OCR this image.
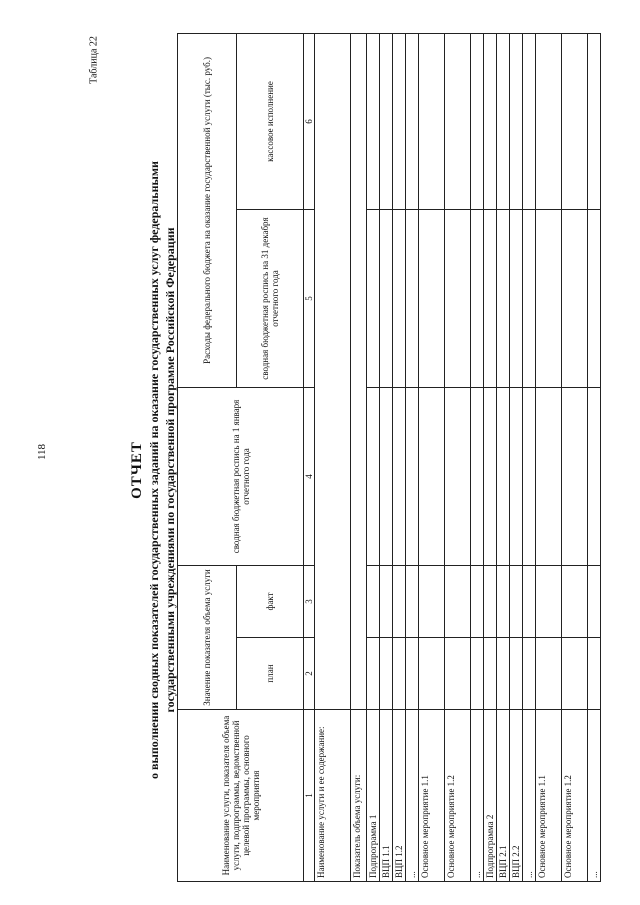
118
Таблица 22
ОТЧЕТ о выполнении сводных показателей государственных заданий на оказание государственных услуг федеральными государственными учреждениями по государственной программе Российской Федерации
Наименование услуги, показателя объема услуги, подпрограммы, ведомственной целевой программы, основного мероприятия	Значение показателя объема услуги		сводная бюджетная роспись на 1 января отчетного года	Расходы федерального бюджета на оказание государственной услуги (тыс. руб.)	
	план	факт		сводная бюджетная роспись на 31 декабря отчетного года	кассовое исполнение
1	2	3	4	5	6
Наименование услуги и ее содержание:					
Показатель объема услуги:					
Подпрограмма 1					
ВЦП 1.1					
ВЦП 1.2					
...					
Основное мероприятие 1.1					
Основное мероприятие 1.2					
...					
Подпрограмма 2					
ВЦП 2.1					
ВЦП 2.2					
...					
Основное мероприятие 1.1					
Основное мероприятие 1.2					
...					
